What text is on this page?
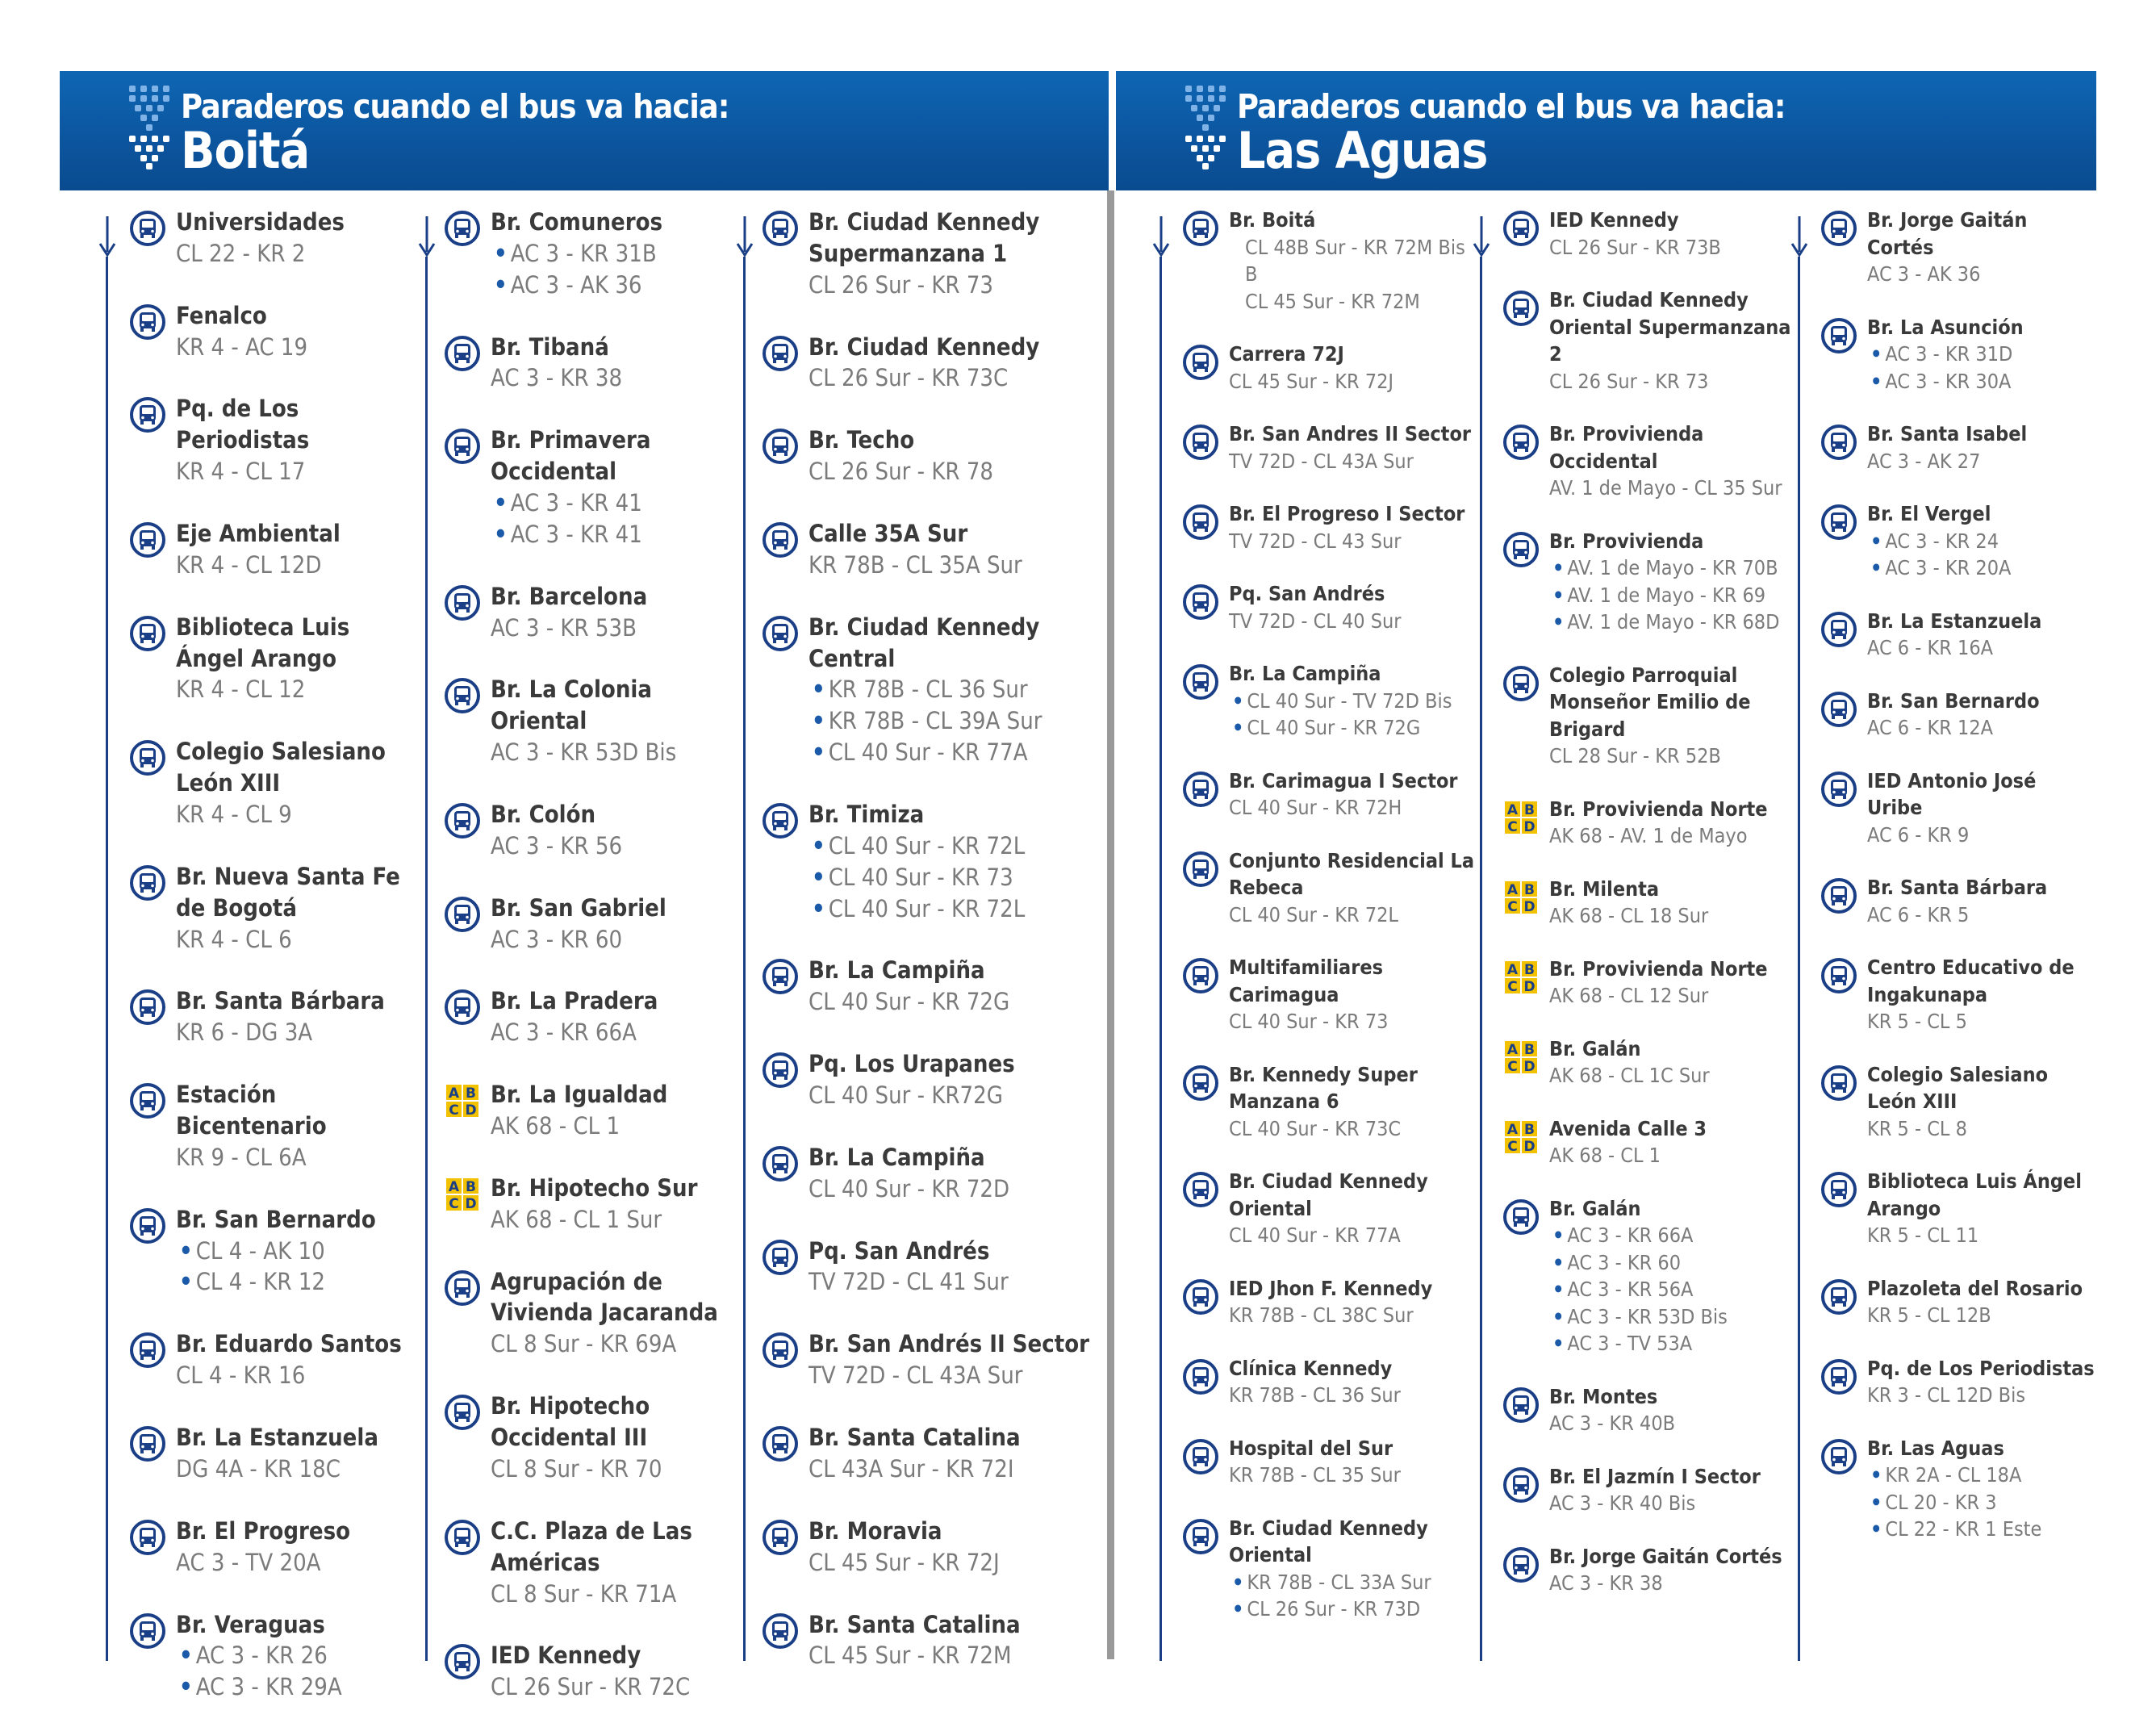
Paraderos cuando el bus va hacia:
Boitá
Paraderos cuando el bus va hacia:
Las Aguas
Universidades
CL 22 - KR 2
Fenalco
KR 4 - AC 19
Pq. de Los Periodistas
KR 4 - CL 17
Eje Ambiental
KR 4 - CL 12D
Biblioteca Luis Ángel Arango
KR 4 - CL 12
Colegio Salesiano León XIII
KR 4 - CL 9
Br. Nueva Santa Fe de Bogotá
KR 4 - CL 6
Br. Santa Bárbara
KR 6 - DG 3A
Estación Bicentenario
KR 9 - CL 6A
Br. San Bernardo
• CL 4 - AK 10
• CL 4 - KR 12
Br. Eduardo Santos
CL 4 - KR 16
Br. La Estanzuela
DG 4A - KR 18C
Br. El Progreso
AC 3 - TV 20A
Br. Veraguas
• AC 3 - KR 26
• AC 3 - KR 29A
Br. Comuneros
• AC 3 - KR 31B
• AC 3 - AK 36
Br. Tibaná
AC 3 - KR 38
Br. Primavera Occidental
• AC 3 - KR 41
• AC 3 - KR 41
Br. Barcelona
AC 3 - KR 53B
Br. La Colonia Oriental
AC 3 - KR 53D Bis
Br. Colón
AC 3 - KR 56
Br. San Gabriel
AC 3 - KR 60
Br. La Pradera
AC 3 - KR 66A
A B
C D
Br. La Igualdad
AK 68 - CL 1
A B
C D
Br. Hipotecho Sur
AK 68 - CL 1 Sur
Agrupación de Vivienda Jacaranda
CL 8 Sur - KR 69A
Br. Hipotecho Occidental III
CL 8 Sur - KR 70
C.C. Plaza de Las Américas
CL 8 Sur - KR 71A
IED Kennedy
CL 26 Sur - KR 72C
Br. Ciudad Kennedy Supermanzana 1
CL 26 Sur - KR 73
Br. Ciudad Kennedy
CL 26 Sur - KR 73C
Br. Techo
CL 26 Sur - KR 78
Calle 35A Sur
KR 78B - CL 35A Sur
Br. Ciudad Kennedy Central
• KR 78B - CL 36 Sur
• KR 78B - CL 39A Sur
• CL 40 Sur - KR 77A
Br. Timiza
• CL 40 Sur - KR 72L
• CL 40 Sur - KR 73
• CL 40 Sur - KR 72L
Br. La Campiña
CL 40 Sur - KR 72G
Pq. Los Urapanes
CL 40 Sur - KR72G
Br. La Campiña
CL 40 Sur - KR 72D
Pq. San Andrés
TV 72D - CL 41 Sur
Br. San Andrés II Sector
TV 72D - CL 43A Sur
Br. Santa Catalina
CL 43A Sur - KR 72I
Br. Moravia
CL 45 Sur - KR 72J
Br. Santa Catalina
CL 45 Sur - KR 72M
Br. Boitá
CL 48B Sur - KR 72M Bis B
CL 45 Sur - KR 72M
Carrera 72J
CL 45 Sur - KR 72J
Br. San Andres II Sector
TV 72D - CL 43A Sur
Br. El Progreso I Sector
TV 72D - CL 43 Sur
Pq. San Andrés
TV 72D - CL 40 Sur
Br. La Campiña
• CL 40 Sur - TV 72D Bis
• CL 40 Sur - KR 72G
Br. Carimagua I Sector
CL 40 Sur - KR 72H
Conjunto Residencial La Rebeca
CL 40 Sur - KR 72L
Multifamiliares Carimagua
CL 40 Sur - KR 73
Br. Kennedy Super Manzana 6
CL 40 Sur - KR 73C
Br. Ciudad Kennedy Oriental
CL 40 Sur - KR 77A
IED Jhon F. Kennedy
KR 78B - CL 38C Sur
Clínica Kennedy
KR 78B - CL 36 Sur
Hospital del Sur
KR 78B - CL 35 Sur
Br. Ciudad Kennedy Oriental
• KR 78B - CL 33A Sur
• CL 26 Sur - KR 73D
IED Kennedy
CL 26 Sur - KR 73B
Br. Ciudad Kennedy Oriental Supermanzana 2
CL 26 Sur - KR 73
Br. Provivienda Occidental
AV. 1 de Mayo - CL 35 Sur
Br. Provivienda
• AV. 1 de Mayo - KR 70B
• AV. 1 de Mayo - KR 69
• AV. 1 de Mayo - KR 68D
Colegio Parroquial Monseñor Emilio de Brigard
CL 28 Sur - KR 52B
A B
C D
Br. Provivienda Norte
AK 68 - AV. 1 de Mayo
A B
C D
Br. Milenta
AK 68 - CL 18 Sur
A B
C D
Br. Provivienda Norte
AK 68 - CL 12 Sur
A B
C D
Br. Galán
AK 68 - CL 1C Sur
A B
C D
Avenida Calle 3
AK 68 - CL 1
Br. Galán
• AC 3 - KR 66A
• AC 3 - KR 60
• AC 3 - KR 56A
• AC 3 - KR 53D Bis
• AC 3 - TV 53A
Br. Montes
AC 3 - KR 40B
Br. El Jazmín I Sector
AC 3 - KR 40 Bis
Br. Jorge Gaitán Cortés
AC 3 - KR 38
Br. Jorge Gaitán Cortés
AC 3 - AK 36
Br. La Asunción
• AC 3 - KR 31D
• AC 3 - KR 30A
Br. Santa Isabel
AC 3 - AK 27
Br. El Vergel
• AC 3 - KR 24
• AC 3 - KR 20A
Br. La Estanzuela
AC 6 - KR 16A
Br. San Bernardo
AC 6 - KR 12A
IED Antonio José Uribe
AC 6 - KR 9
Br. Santa Bárbara
AC 6 - KR 5
Centro Educativo de Ingakunapa
KR 5 - CL 5
Colegio Salesiano León XIII
KR 5 - CL 8
Biblioteca Luis Ángel Arango
KR 5 - CL 11
Plazoleta del Rosario
KR 5 - CL 12B
Pq. de Los Periodistas
KR 3 - CL 12D Bis
Br. Las Aguas
• KR 2A - CL 18A
• CL 20 - KR 3
• CL 22 - KR 1 Este
